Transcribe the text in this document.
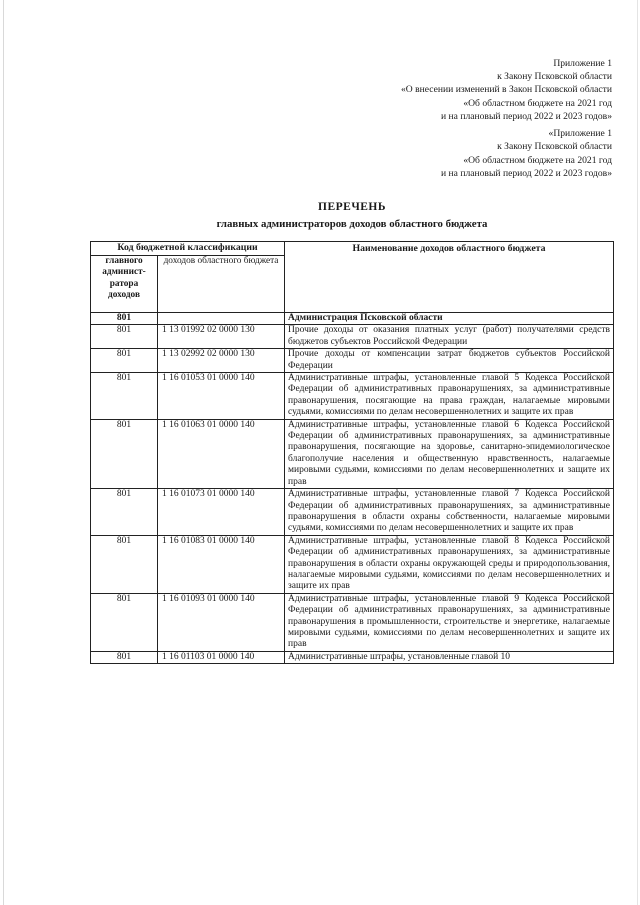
Приложение 1
к Закону Псковской области
«О внесении изменений в Закон Псковской области
«Об областном бюджете на 2021 год
и на плановый период 2022 и 2023 годов»
«Приложение 1
к Закону Псковской области
«Об областном бюджете на 2021 год
и на плановый период 2022 и 2023 годов»
ПЕРЕЧЕНЬ
главных администраторов доходов областного бюджета
Код бюджетной классификации		Наименование доходов областного бюджета
главного админист-ратора доходов	доходов областного бюджета	
801		Администрация Псковской области
801	1 13 01992 02 0000 130	Прочие доходы от оказания платных услуг (работ) получателями средств бюджетов субъектов Российской Федерации
801	1 13 02992 02 0000 130	Прочие доходы от компенсации затрат бюджетов субъектов Российской Федерации
801	1 16 01053 01 0000 140	Административные штрафы, установленные главой 5 Кодекса Российской Федерации об административных правонарушениях, за административные правонарушения, посягающие на права граждан, налагаемые мировыми судьями, комиссиями по делам несовершеннолетних и защите их прав
801	1 16 01063 01 0000 140	Административные штрафы, установленные главой 6 Кодекса Российской Федерации об административных правонарушениях, за административные правонарушения, посягающие на здоровье, санитарно-эпидемиологическое благополучие населения и общественную нравственность, налагаемые мировыми судьями, комиссиями по делам несовершеннолетних и защите их прав
801	1 16 01073 01 0000 140	Административные штрафы, установленные главой 7 Кодекса Российской Федерации об административных правонарушениях, за административные правонарушения в области охраны собственности, налагаемые мировыми судьями, комиссиями по делам несовершеннолетних и защите их прав
801	1 16 01083 01 0000 140	Административные штрафы, установленные главой 8 Кодекса Российской Федерации об административных правонарушениях, за административные правонарушения в области охраны окружающей среды и природопользования, налагаемые мировыми судьями, комиссиями по делам несовершеннолетних и защите их прав
801	1 16 01093 01 0000 140	Административные штрафы, установленные главой 9 Кодекса Российской Федерации об административных правонарушениях, за административные правонарушения в промышленности, строительстве и энергетике, налагаемые мировыми судьями, комиссиями по делам несовершеннолетних и защите их прав
801	1 16 01103 01 0000 140	Административные штрафы, установленные главой 10
